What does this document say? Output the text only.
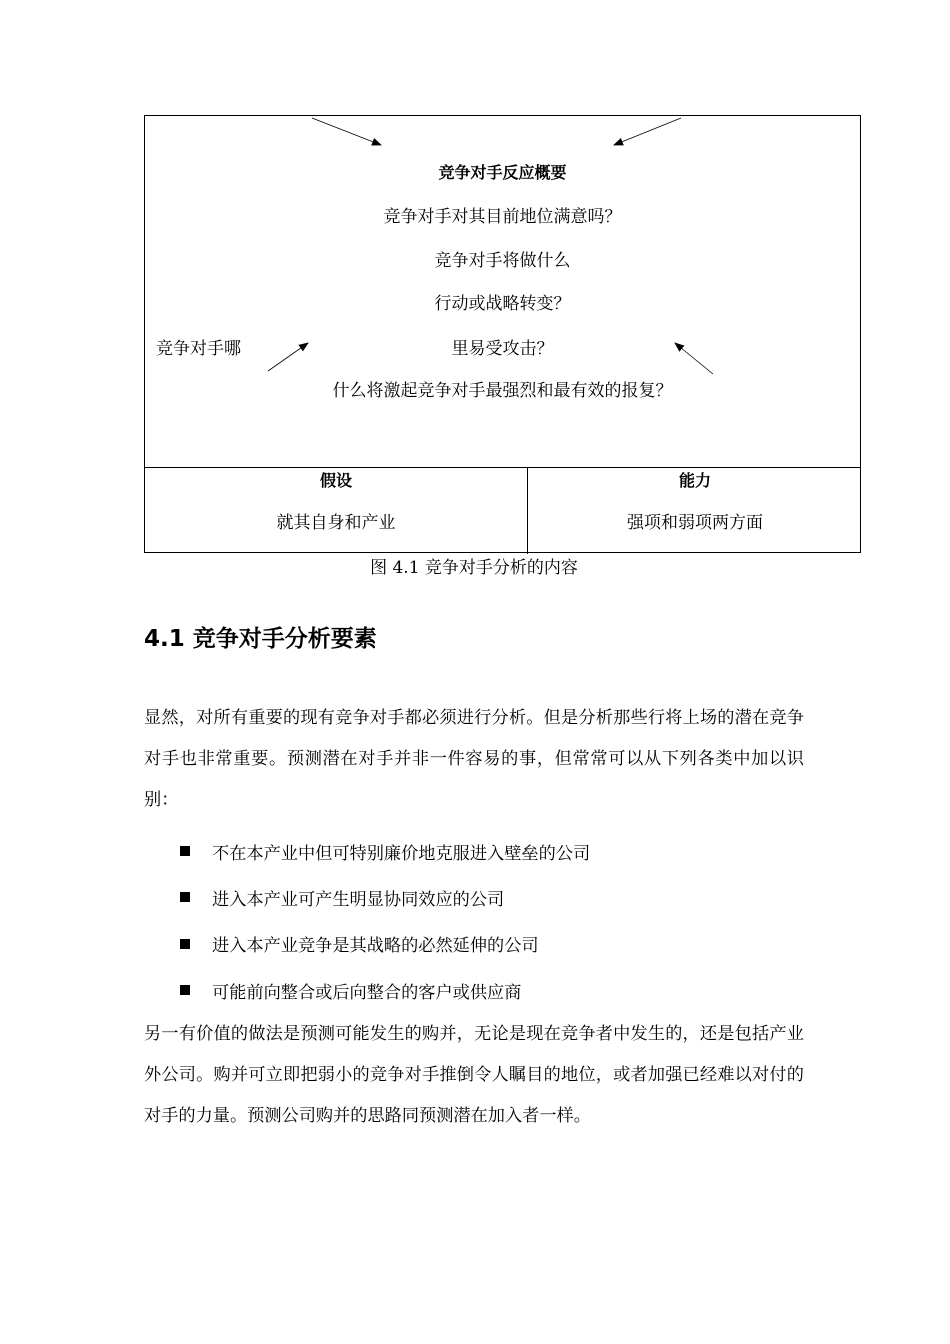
竞争对手反应概要
竞争对手对其目前地位满意吗？
竞争对手将做什么
行动或战略转变？
里易受攻击？
什么将激起竞争对手最强烈和最有效的报复？
竞争对手哪
假设
就其自身和产业
能力
强项和弱项两方面
图 4.1 竞争对手分析的内容
4.1 竞争对手分析要素

显然，对所有重要的现有竞争对手都必须进行分析。但是分析那些行将上场的潜在竞争对手也非常重要。预测潜在对手并非一件容易的事，但常常可以从下列各类中加以识别：

不在本产业中但可特别廉价地克服进入壁垒的公司
进入本产业可产生明显协同效应的公司
进入本产业竞争是其战略的必然延伸的公司
可能前向整合或后向整合的客户或供应商

另一有价值的做法是预测可能发生的购并，无论是现在竞争者中发生的，还是包括产业外公司。购并可立即把弱小的竞争对手推倒令人瞩目的地位，或者加强已经难以对付的对手的力量。预测公司购并的思路同预测潜在加入者一样。
